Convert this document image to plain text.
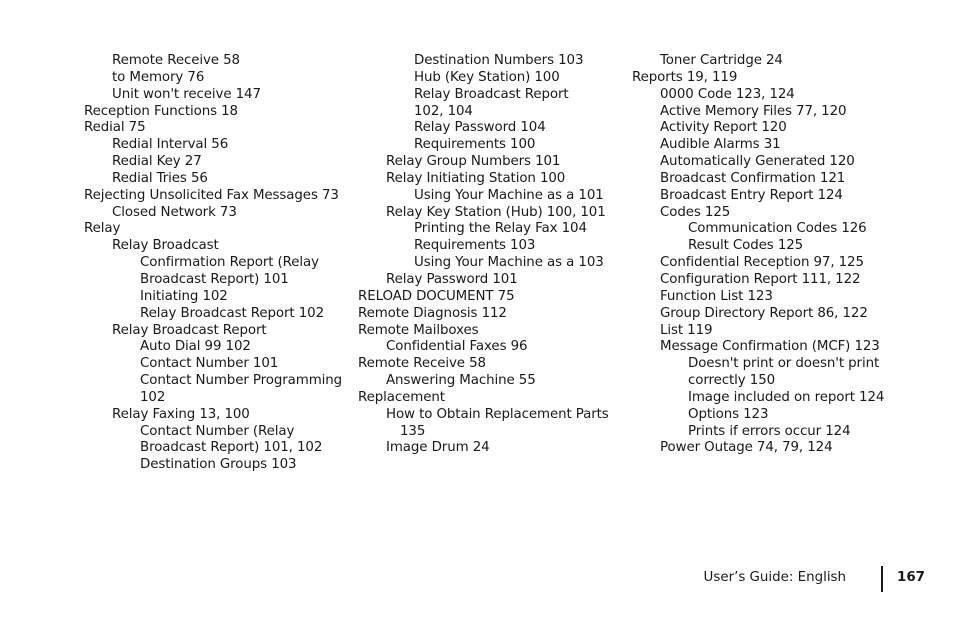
Remote Receive 58
to Memory 76
Unit won't receive 147
Reception Functions 18
Redial 75
Redial Interval 56
Redial Key 27
Redial Tries 56
Rejecting Unsolicited Fax Messages 73
Closed Network 73
Relay
Relay Broadcast
Confirmation Report (Relay
Broadcast Report) 101
Initiating 102
Relay Broadcast Report 102
Relay Broadcast Report
Auto Dial 99 102
Contact Number 101
Contact Number Programming
102
Relay Faxing 13, 100
Contact Number (Relay
Broadcast Report) 101, 102
Destination Groups 103
Destination Numbers 103
Hub (Key Station) 100
Relay Broadcast Report
102, 104
Relay Password 104
Requirements 100
Relay Group Numbers 101
Relay Initiating Station 100
Using Your Machine as a 101
Relay Key Station (Hub) 100, 101
Printing the Relay Fax 104
Requirements 103
Using Your Machine as a 103
Relay Password 101
RELOAD DOCUMENT 75
Remote Diagnosis 112
Remote Mailboxes
Confidential Faxes 96
Remote Receive 58
Answering Machine 55
Replacement
How to Obtain Replacement Parts
135
Image Drum 24
Toner Cartridge 24
Reports 19, 119
0000 Code 123, 124
Active Memory Files 77, 120
Activity Report 120
Audible Alarms 31
Automatically Generated 120
Broadcast Confirmation 121
Broadcast Entry Report 124
Codes 125
Communication Codes 126
Result Codes 125
Confidential Reception 97, 125
Configuration Report 111, 122
Function List 123
Group Directory Report 86, 122
List 119
Message Confirmation (MCF) 123
Doesn't print or doesn't print
correctly 150
Image included on report 124
Options 123
Prints if errors occur 124
Power Outage 74, 79, 124
User’s Guide: English	167
